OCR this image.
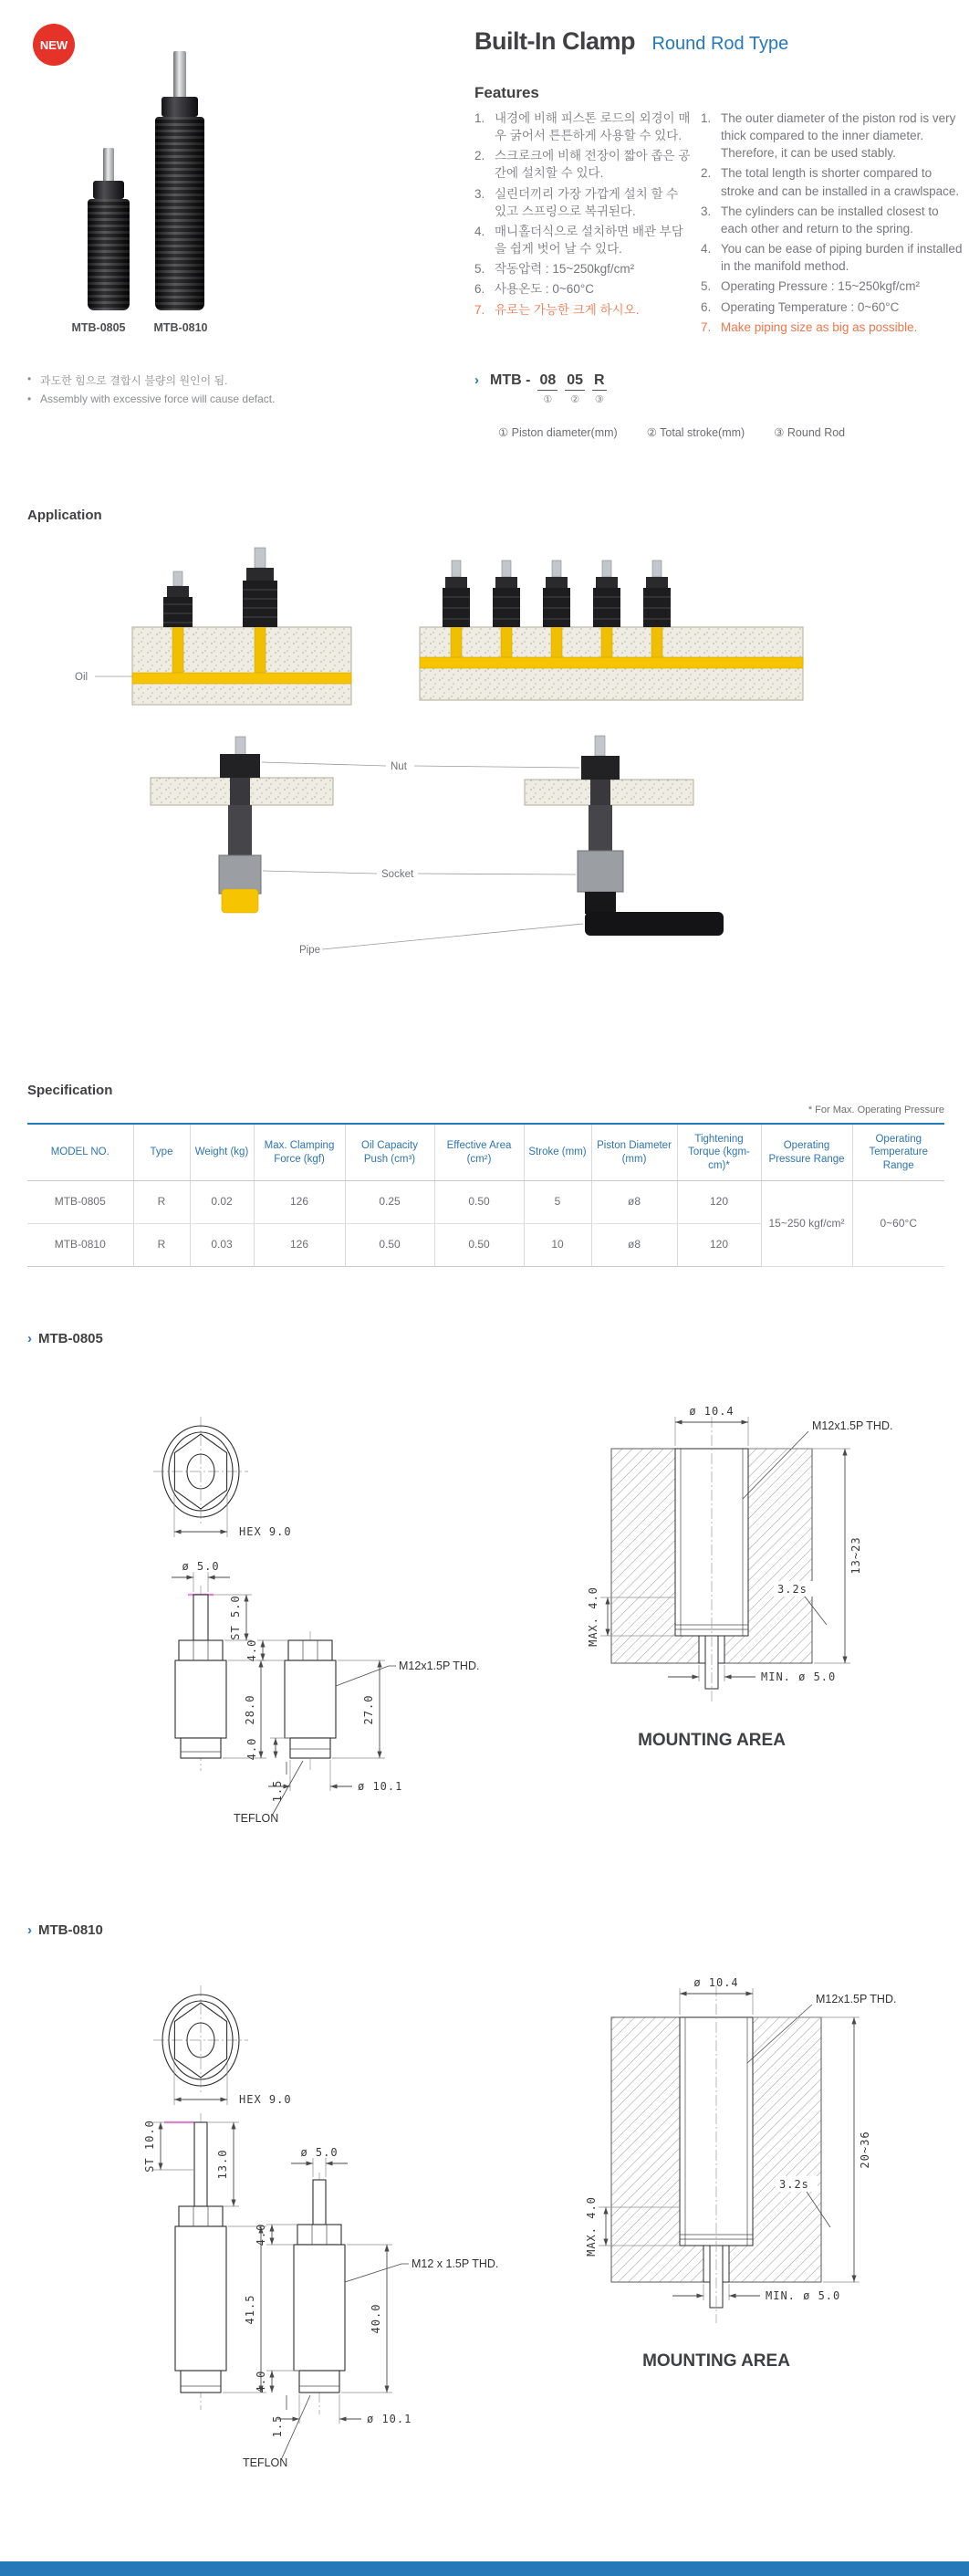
NEW
MTB-0805	MTB-0810
• 과도한 힘으로 결합시 불량의 원인이 됨.
• Assembly with excessive force will cause defact.
Built-In Clamp Round Rod Type
Features
1. 내경에 비해 피스톤 로드의 외경이 매우 굵어서 튼튼하게 사용할 수 있다.
2. 스크로크에 비해 전장이 짧아 좁은 공간에 설치할 수 있다.
3. 실린더끼리 가장 가깝게 설치 할 수 있고 스프링으로 복귀된다.
4. 매니홀더식으로 설치하면 배관 부담을 쉽게 벗어 날 수 있다.
5. 작동압력 : 15~250kgf/cm²
6. 사용온도 : 0~60°C
7. 유로는 가능한 크게 하시오.
1. The outer diameter of the piston rod is very thick compared to the inner diameter.
Therefore, it can be used stably.
2. The total length is shorter compared to stroke and can be installed in a crawlspace.
3. The cylinders can be installed closest to each other and return to the spring.
4. You can be ease of piping burden if installed in the manifold method.
5. Operating Pressure : 15~250kgf/cm²
6. Operating Temperature : 0~60°C
7. Make piping size as big as possible.
› MTB - 08
①
05
②
R
③
① Piston diameter(mm)	② Total stroke(mm)	③ Round Rod
Application
Oil
Nut
Socket
Pipe
Specification
* For Max. Operating Pressure
MODEL NO.	Type	Weight (kg)	Max. Clamping Force (kgf)	Oil Capacity Push (cm³)	Effective Area (cm²)	Stroke (mm)	Piston Diameter (mm)	Tightening Torque (kgm-cm)*	Operating Pressure Range	Operating Temperature Range
MTB-0805	R	0.02	126	0.25	0.50	5	ø8	120	15~250 kgf/cm²	0~60°C
MTB-0810	R	0.03	126	0.50	0.50	10	ø8	120		
› MTB-0805
HEX 9.0
ø 5.0
ST 5.0
28.0
4.0
27.0
M12x1.5P THD.
4.0
1.5	ø 10.1
TEFLON
ø 10.4
M12x1.5P THD.
MAX. 4.0
13~23
3.2s
MIN. ø 5.0
MOUNTING AREA
› MTB-0810
HEX 9.0
ST 10.0	13.0
41.5
ø 5.0
4.0
40.0
M12 x 1.5P THD.
4.0
1.5	ø 10.1
TEFLON
ø 10.4
M12x1.5P THD.
MAX. 4.0
20~36
3.2s
MIN. ø 5.0
MOUNTING AREA
